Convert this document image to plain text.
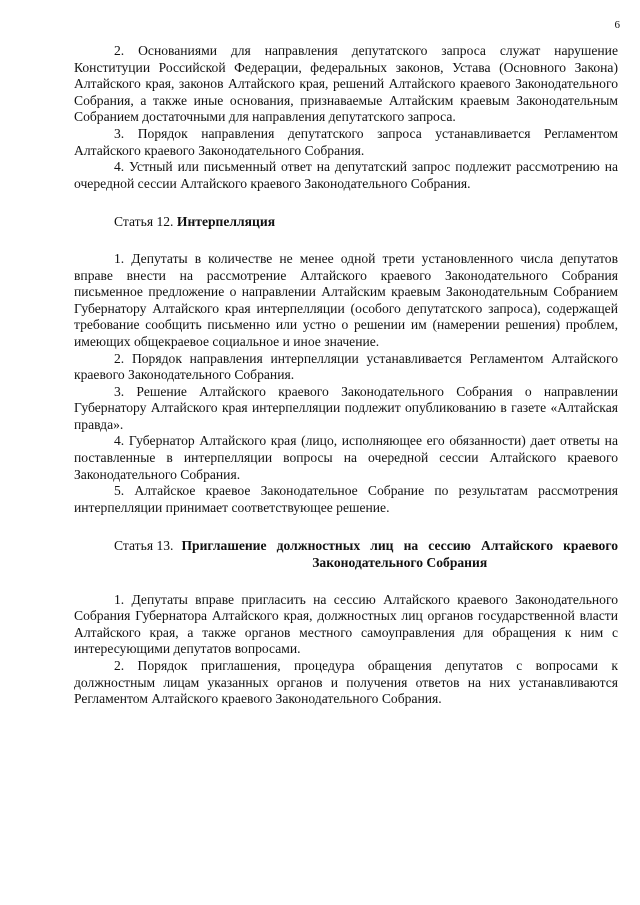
6

2. Основаниями для направления депутатского запроса служат нарушение Конституции Российской Федерации, федеральных законов, Устава (Основного Закона) Алтайского края, законов Алтайского края, решений Алтайского краевого Законодательного Собрания, а также иные основания, признаваемые Алтайским краевым Законодательным Собранием достаточными для направления депутатского запроса.

3. Порядок направления депутатского запроса устанавливается Регламентом Алтайского краевого Законодательного Собрания.

4. Устный или письменный ответ на депутатский запрос подлежит рассмотрению на очередной сессии Алтайского краевого Законодательного Собрания.

Статья 12. Интерпелляция

1. Депутаты в количестве не менее одной трети установленного числа депутатов вправе внести на рассмотрение Алтайского краевого Законодательного Собрания письменное предложение о направлении Алтайским краевым Законодательным Собранием Губернатору Алтайского края интерпелляции (особого депутатского запроса), содержащей требование сообщить письменно или устно о решении им (намерении решения) проблем, имеющих общекраевое социальное и иное значение.

2. Порядок направления интерпелляции устанавливается Регламентом Алтайского краевого Законодательного Собрания.

3. Решение Алтайского краевого Законодательного Собрания о направлении Губернатору Алтайского края интерпелляции подлежит опубликованию в газете «Алтайская правда».

4. Губернатор Алтайского края (лицо, исполняющее его обязанности) дает ответы на поставленные в интерпелляции вопросы на очередной сессии Алтайского краевого Законодательного Собрания.

5. Алтайское краевое Законодательное Собрание по результатам рассмотрения интерпелляции принимает соответствующее решение.

Статья 13. Приглашение должностных лиц на сессию Алтайского краевого Законодательного Собрания

1. Депутаты вправе пригласить на сессию Алтайского краевого Законодательного Собрания Губернатора Алтайского края, должностных лиц органов государственной власти Алтайского края, а также органов местного самоуправления для обращения к ним с интересующими депутатов вопросами.

2. Порядок приглашения, процедура обращения депутатов с вопросами к должностным лицам указанных органов и получения ответов на них устанавливаются Регламентом Алтайского краевого Законодательного Собрания.
